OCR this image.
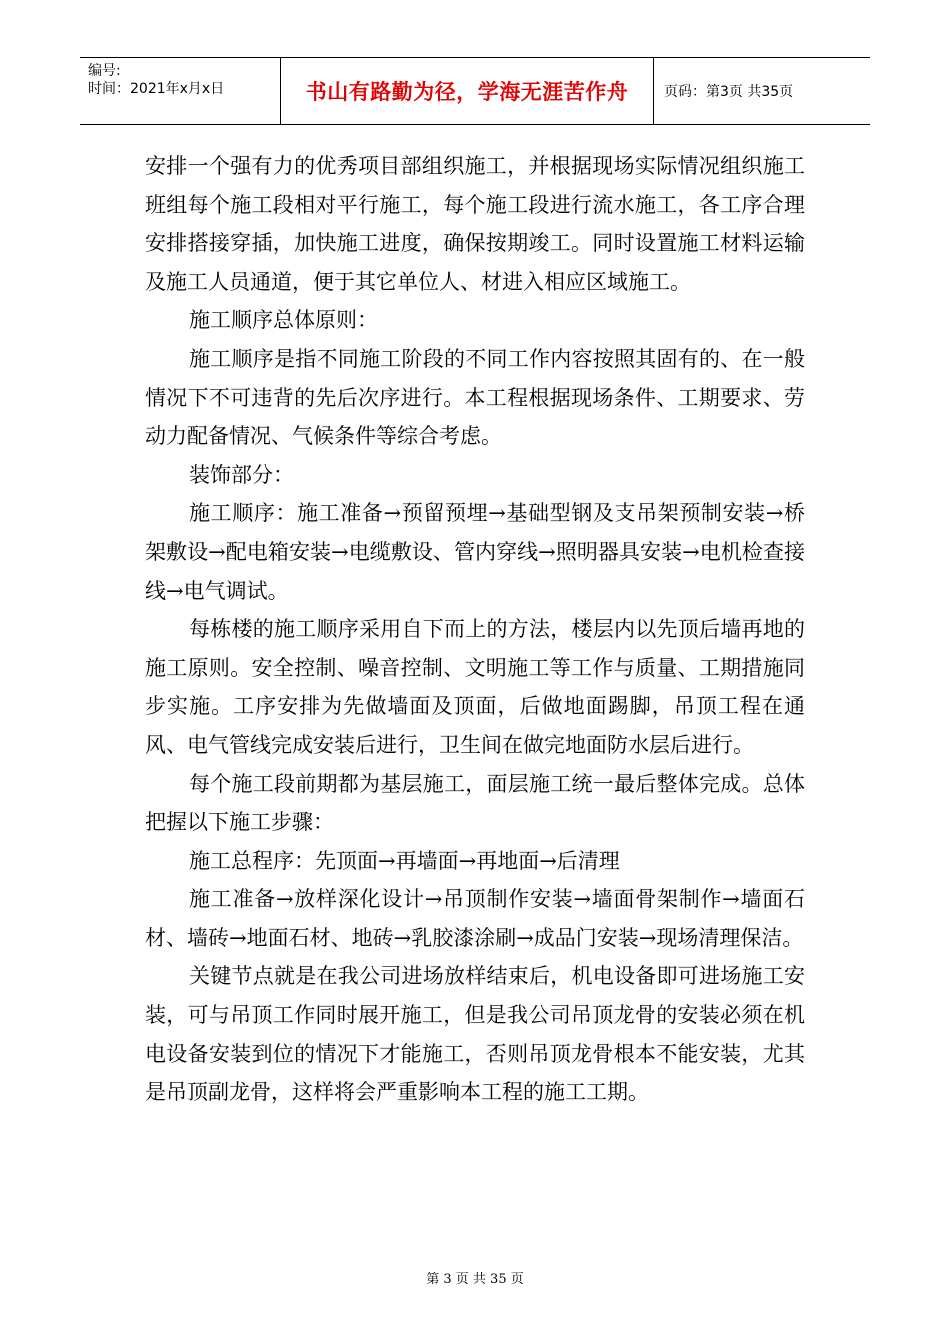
编号:
时间：2021年x月x日	书山有路勤为径，学海无涯苦作舟	页码：第3页 共35页

安排一个强有力的优秀项目部组织施工，并根据现场实际情况组织施工班组每个施工段相对平行施工，每个施工段进行流水施工，各工序合理安排搭接穿插，加快施工进度，确保按期竣工。同时设置施工材料运输及施工人员通道，便于其它单位人、材进入相应区域施工。

施工顺序总体原则：

施工顺序是指不同施工阶段的不同工作内容按照其固有的、在一般情况下不可违背的先后次序进行。本工程根据现场条件、工期要求、劳动力配备情况、气候条件等综合考虑。

装饰部分：

施工顺序：施工准备→预留预埋→基础型钢及支吊架预制安装→桥架敷设→配电箱安装→电缆敷设、管内穿线→照明器具安装→电机检查接线→电气调试。

每栋楼的施工顺序采用自下而上的方法，楼层内以先顶后墙再地的施工原则。安全控制、噪音控制、文明施工等工作与质量、工期措施同步实施。工序安排为先做墙面及顶面，后做地面踢脚，吊顶工程在通风、电气管线完成安装后进行，卫生间在做完地面防水层后进行。

每个施工段前期都为基层施工，面层施工统一最后整体完成。总体把握以下施工步骤：

施工总程序：先顶面→再墙面→再地面→后清理

施工准备→放样深化设计→吊顶制作安装→墙面骨架制作→墙面石材、墙砖→地面石材、地砖→乳胶漆涂刷→成品门安装→现场清理保洁。

关键节点就是在我公司进场放样结束后，机电设备即可进场施工安装，可与吊顶工作同时展开施工，但是我公司吊顶龙骨的安装必须在机电设备安装到位的情况下才能施工，否则吊顶龙骨根本不能安装，尤其是吊顶副龙骨，这样将会严重影响本工程的施工工期。

第 3 页 共 35 页
